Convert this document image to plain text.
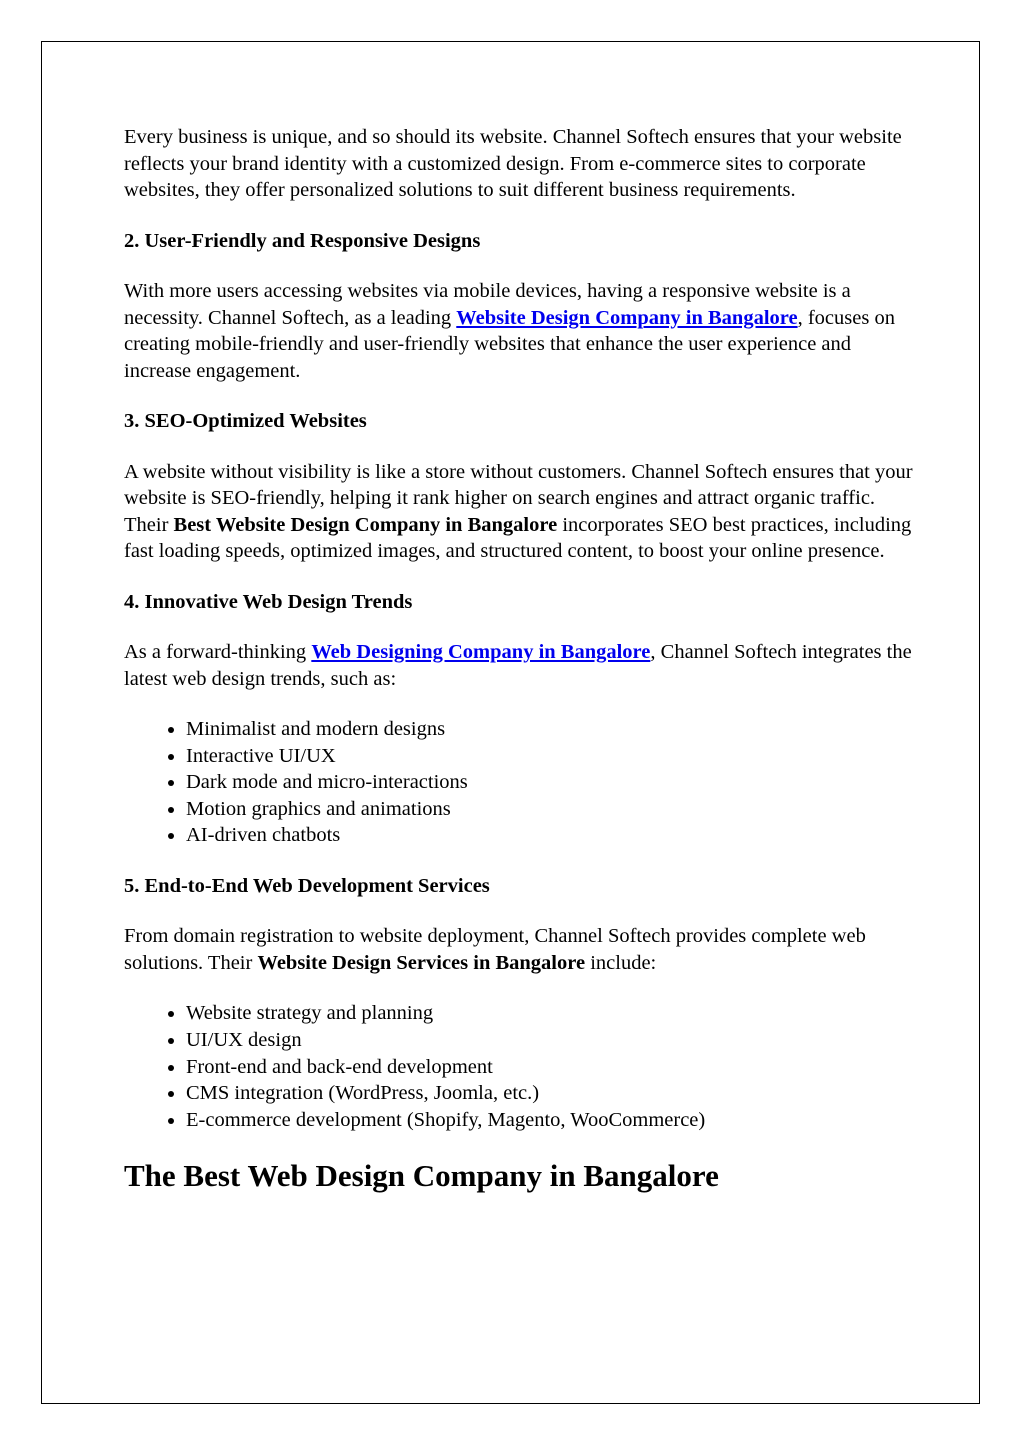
Every business is unique, and so should its website. Channel Softech ensures that your website reflects your brand identity with a customized design. From e-commerce sites to corporate websites, they offer personalized solutions to suit different business requirements.

2. User-Friendly and Responsive Designs

With more users accessing websites via mobile devices, having a responsive website is a necessity. Channel Softech, as a leading Website Design Company in Bangalore, focuses on creating mobile-friendly and user-friendly websites that enhance the user experience and increase engagement.

3. SEO-Optimized Websites

A website without visibility is like a store without customers. Channel Softech ensures that your website is SEO-friendly, helping it rank higher on search engines and attract organic traffic. Their Best Website Design Company in Bangalore incorporates SEO best practices, including fast loading speeds, optimized images, and structured content, to boost your online presence.

4. Innovative Web Design Trends

As a forward-thinking Web Designing Company in Bangalore, Channel Softech integrates the latest web design trends, such as:

• Minimalist and modern designs
• Interactive UI/UX
• Dark mode and micro-interactions
• Motion graphics and animations
• AI-driven chatbots
5. End-to-End Web Development Services

From domain registration to website deployment, Channel Softech provides complete web solutions. Their Website Design Services in Bangalore include:

• Website strategy and planning
• UI/UX design
• Front-end and back-end development
• CMS integration (WordPress, Joomla, etc.)
• E-commerce development (Shopify, Magento, WooCommerce)
The Best Web Design Company in Bangalore
